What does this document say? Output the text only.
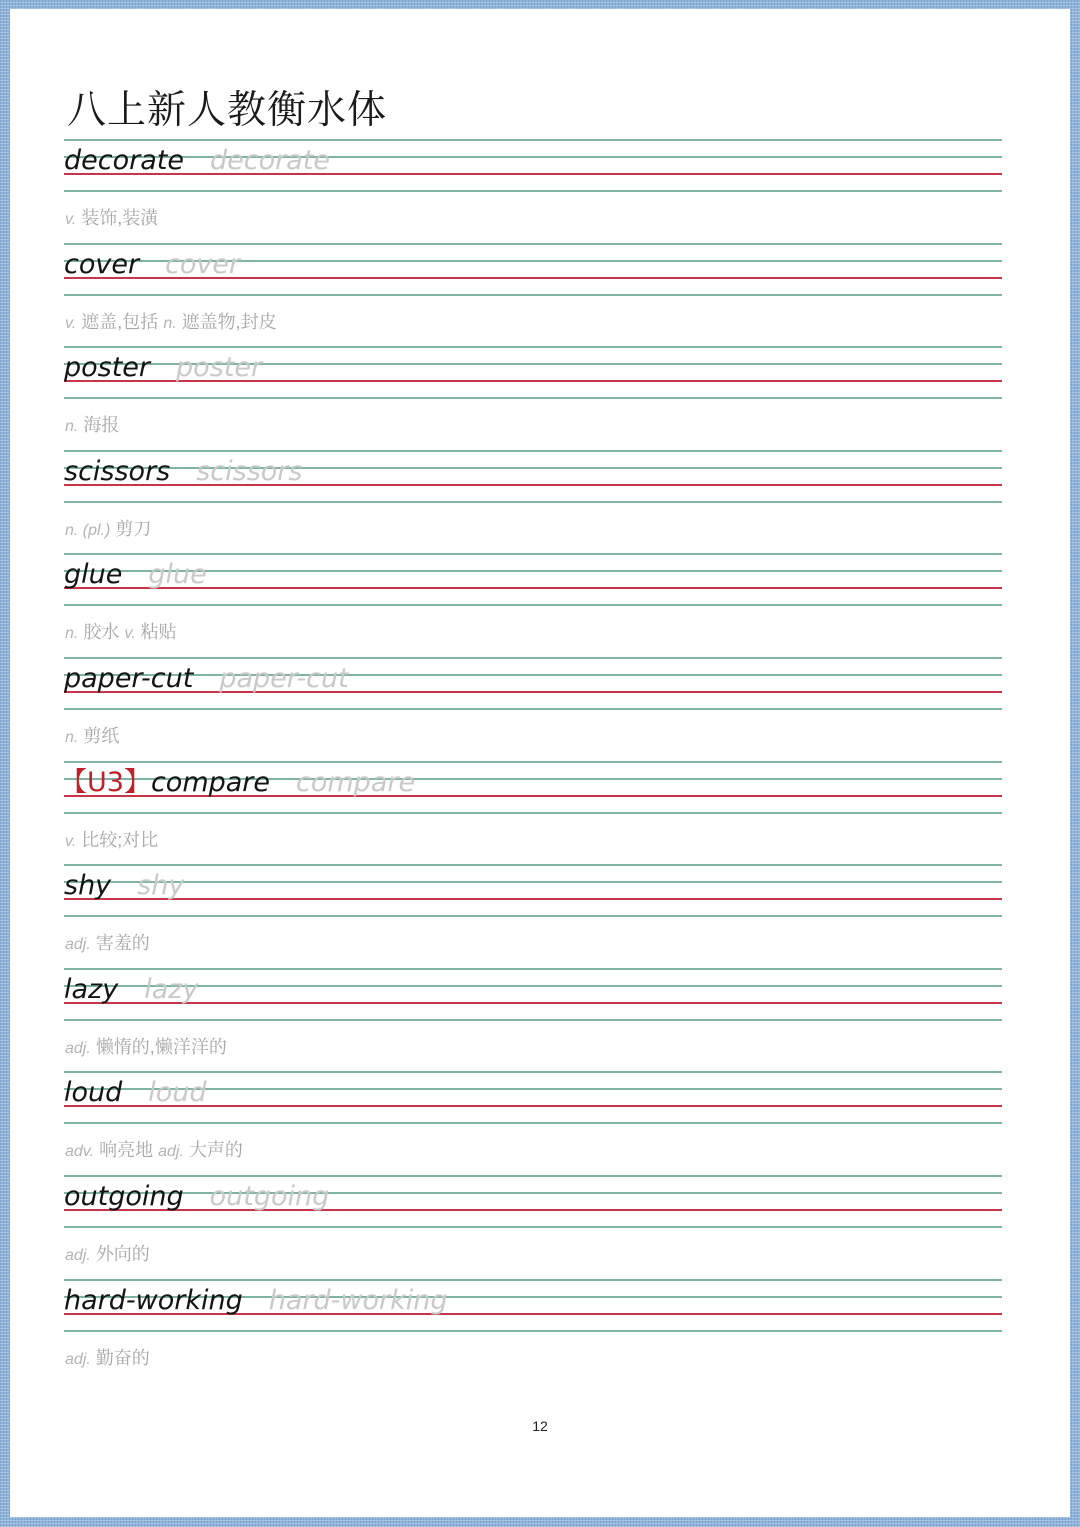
八上新人教衡水体
decorate decorate
v. 装饰,装潢
cover cover
v. 遮盖,包括 n. 遮盖物,封皮
poster poster
n. 海报
scissors scissors
n. (pl.) 剪刀
glue glue
n. 胶水 v. 粘贴
paper-cut paper-cut
n. 剪纸
【U3】compare compare
v. 比较;对比
shy shy
adj. 害羞的
lazy lazy
adj. 懒惰的,懒洋洋的
loud loud
adv. 响亮地 adj. 大声的
outgoing outgoing
adj. 外向的
hard-working hard-working
adj. 勤奋的
12
